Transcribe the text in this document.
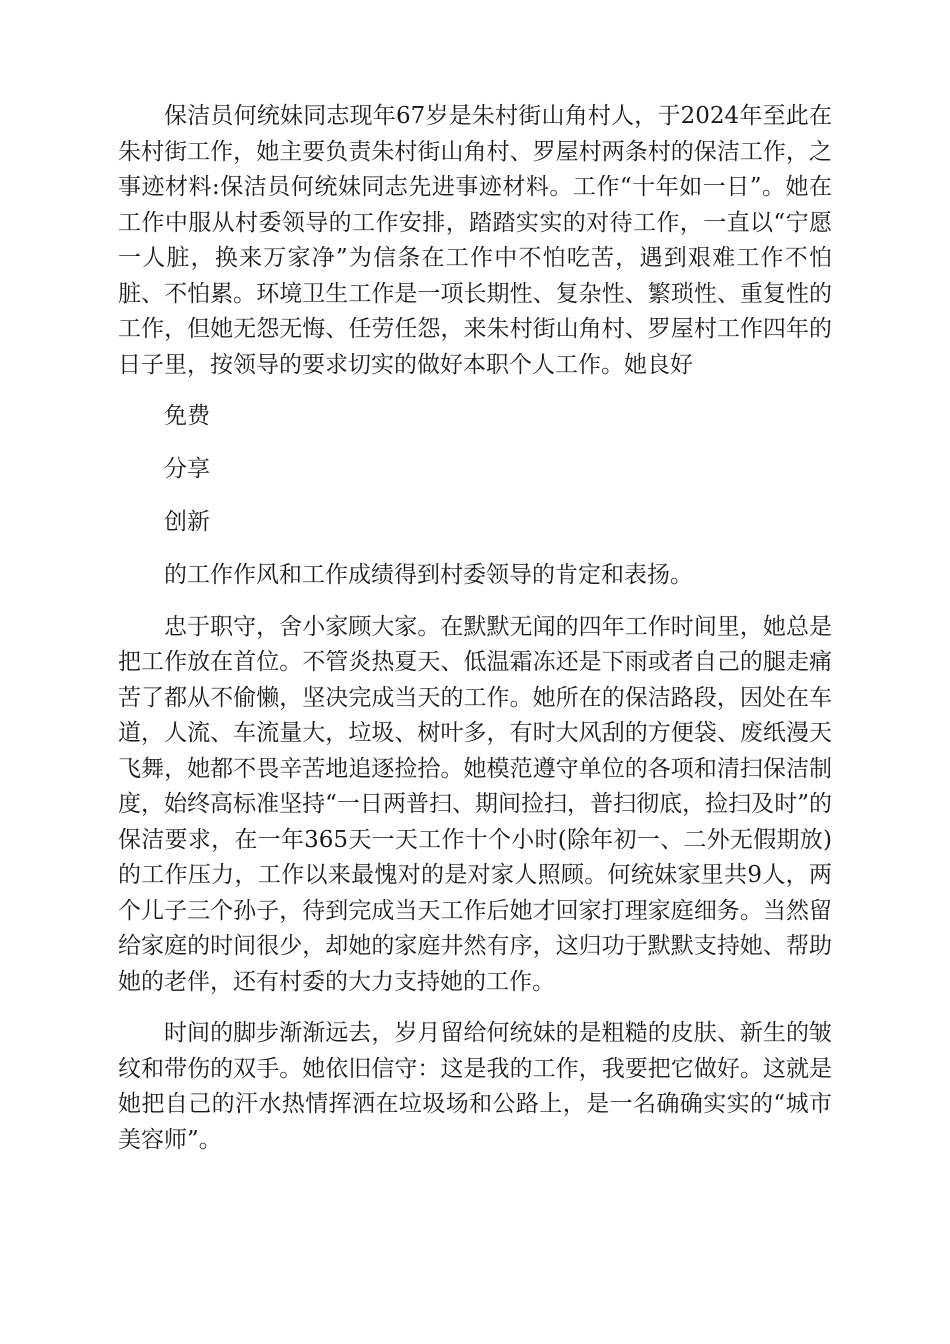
保洁员何统妹同志现年67岁是朱村街山角村人，于2024年至此在朱村街工作，她主要负责朱村街山角村、罗屋村两条村的保洁工作，之事迹材料:保洁员何统妹同志先进事迹材料。工作“十年如一日”。她在工作中服从村委领导的工作安排，踏踏实实的对待工作，一直以“宁愿一人脏，换来万家净”为信条在工作中不怕吃苦，遇到艰难工作不怕脏、不怕累。环境卫生工作是一项长期性、复杂性、繁琐性、重复性的工作，但她无怨无悔、任劳任怨，来朱村街山角村、罗屋村工作四年的日子里，按领导的要求切实的做好本职个人工作。她良好

免费

分享

创新

的工作作风和工作成绩得到村委领导的肯定和表扬。

忠于职守，舍小家顾大家。在默默无闻的四年工作时间里，她总是把工作放在首位。不管炎热夏天、低温霜冻还是下雨或者自己的腿走痛苦了都从不偷懒，坚决完成当天的工作。她所在的保洁路段，因处在车道，人流、车流量大，垃圾、树叶多，有时大风刮的方便袋、废纸漫天飞舞，她都不畏辛苦地追逐捡拾。她模范遵守单位的各项和清扫保洁制度，始终高标准坚持“一日两普扫、期间捡扫，普扫彻底，捡扫及时”的保洁要求，在一年365天一天工作十个小时(除年初一、二外无假期放)的工作压力，工作以来最愧对的是对家人照顾。何统妹家里共9人，两个儿子三个孙子，待到完成当天工作后她才回家打理家庭细务。当然留给家庭的时间很少，却她的家庭井然有序，这归功于默默支持她、帮助她的老伴，还有村委的大力支持她的工作。

时间的脚步渐渐远去，岁月留给何统妹的是粗糙的皮肤、新生的皱纹和带伤的双手。她依旧信守：这是我的工作，我要把它做好。这就是她把自己的汗水热情挥洒在垃圾场和公路上，是一名确确实实的“城市美容师”。
